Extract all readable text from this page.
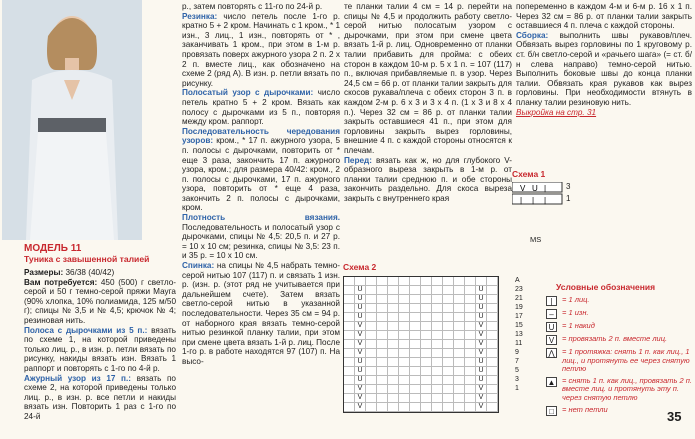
МОДЕЛЬ 11
Туника с завышенной талией

Размеры: 36/38 (40/42)

Вам потребуется: 450 (500) г светло-серой и 50 г темно-серой пряжи Мауга (90% хлопка, 10% полиамида, 125 м/50 г); спицы № 3,5 и № 4,5; крючок № 4; резиновая нить.

Полоса с дырочками из 5 п.: вязать по схеме 1, на которой приведены только лиц. р., в изн. р. петли вязать по рисунку, накиды вязать изн. Вязать 1 раппорт и повторять с 1-го по 4-й р.

Ажурный узор из 17 п.: вязать по схеме 2, на которой приведены только лиц. р., в изн. р. все петли и накиды вязать изн. Повторить 1 раз с 1-го по 24-й

р., затем повторять с 11-го по 24-й р.

Резинка: число петель после 1-го р. кратно 5 + 2 кром. Начинать с 1 кром., * 1 изн., 3 лиц., 1 изн., повторять от * , заканчивать 1 кром., при этом в 1-м р. провязать поверх ажурного узора 2 п. 2 х 2 п. вместе лиц., как обозначено на схеме 2 (ряд А). В изн. р. петли вязать по рисунку.

Полосатый узор с дырочками: число петель кратно 5 + 2 кром. Вязать как полосу с дырочками из 5 п., повторяя между кром. раппорт.

Последовательность чередования узоров: кром., * 17 п. ажурного узора, 5 п. полосы с дырочками, повторить от * еще 3 раза, закончить 17 п. ажурного узора, кром.; для размера 40/42: кром., 2 п. полосы с дырочками, 17 п. ажурного узора, повторить от * еще 4 раза, закончить 2 п. полосы с дырочками, кром.

Плотность вязания. Последовательность и полосатый узор с дырочками, спицы № 4,5: 20,5 п. и 27 р. = 10 х 10 см; резинка, спицы № 3,5: 23 п. и 35 р. = 10 х 10 см.

Спинка: на спицы № 4,5 набрать темно-серой нитью 107 (117) п. и связать 1 изн. р. (изн. р. (этот ряд не учитывается при дальнейшем счете). Затем вязать светло-серой нитью в указанной последовательности. Через 35 см = 94 р. от наборного края вязать темно-серой нитью резинкой планку талии, при этом при смене цвета вязать 1-й р. лиц. После 1-го р. в работе находятся 97 (107) п. На высо-

те планки талии 4 см = 14 р. перейти на спицы № 4,5 и продолжить работу светло-серой нитью полосатым узором с дырочками, при этом при смене цвета вязать 1-й р. лиц. Одновременно от планки талии прибавить для пройма: с обеих сторон в каждом 10-м р. 5 х 1 п. = 107 (117) п., включая прибавляемые п. в узор. Через 24,5 см = 66 р. от планки талии закрыть для скосов рукава/плеча с обеих сторон 3 п. в каждом 2-м р. 6 х 3 и 3 х 4 п. (1 х 3 и 8 х 4 п.). Через 32 см = 86 р. от планки талии закрыть оставшиеся 41 п., при этом для горловины закрыть вырез горловины, внешние 4 п. с каждой стороны относятся к плечам.

Перед: вязать как ж, но для глубокого V-образного выреза закрыть в 1-м р. от планки талии среднюю п. и обе стороны закончить раздельно. Для скоса выреза закрыть с внутреннего края

попеременно в каждом 4-м и 6-м р. 16 х 1 п. Через 32 см = 86 р. от планки талии закрыть оставшиеся 4 п. плеча с каждой стороны.

Сборка: выполнить швы рукавов/плеч. Обвязать вырез горловины по 1 круговому р. ст. б/н светло-серой и «рачьего шага» (= ст. б/н слева направо) темно-серой нитью. Выполнить боковые швы до конца планки талии. Обвязать края рукавов как вырез горловины. При необходимости втянуть в планку талии резиновую нить.

Выкройка на стр. 31

Схема 1
V U |
| | |
3
1
MS
Схема 2
U	U
U	U
U	U
U	U
V	V
V	V
V	V
V	V
U	U
U	U
U	U
V	V
V	V
V	V
A
23
21
19
17
15
13
11
9
7
5
3
1
Условные обозначения
|	= 1 лиц.
–	= 1 изн.
U	= 1 накид
V	= провязать 2 п. вместе лиц.
⋀ = 1 протяжка: снять 1 п. как лиц., 1 лиц., и протянуть ее через снятую петлю
▲ = снять 1 п. как лиц., провязать 2 п. вместе лиц. и протянуть эту п. через снятую петлю
□	= нет петли	35
